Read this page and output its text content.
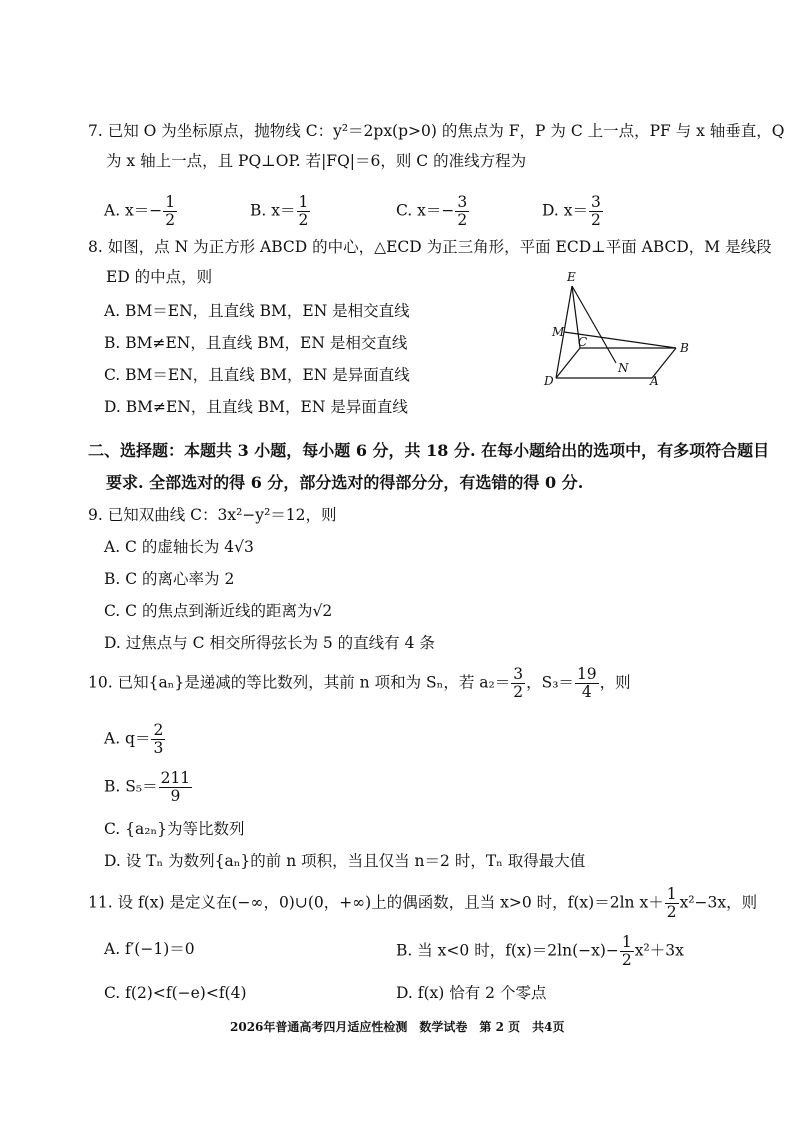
7. 已知 O 为坐标原点，抛物线 C：y²＝2px(p>0) 的焦点为 F，P 为 C 上一点，PF 与 x 轴垂直，Q
为 x 轴上一点，且 PQ⊥OP. 若|FQ|＝6，则 C 的准线方程为
A. $x=- \frac{1}{2}$	B. $x= \frac{1}{2}$	C. $x=- \frac{3}{2}$	D. $x= \frac{3}{2}$
8. 如图，点 N 为正方形 ABCD 的中心，△ECD 为正三角形，平面 ECD⊥平面 ABCD，M 是线段
ED 的中点，则
A. BM＝EN，且直线 BM，EN 是相交直线
B. BM≠EN，且直线 BM，EN 是相交直线
C. BM＝EN，且直线 BM，EN 是异面直线
D. BM≠EN，且直线 BM，EN 是异面直线
E
M
C
N
B
D	A
二、选择题：本题共 3 小题，每小题 6 分，共 18 分. 在每小题给出的选项中，有多项符合题目
要求. 全部选对的得 6 分，部分选对的得部分分，有选错的得 0 分.
9. 已知双曲线 C：3x²−y²＝12，则
A. C 的虚轴长为 4√3
B. C 的离心率为 2
C. C 的焦点到渐近线的距离为√2
D. 过焦点与 C 相交所得弦长为 5 的直线有 4 条
10. 已知{aₙ}是递减的等比数列，其前 n 项和为 Sₙ，若 $a_2= \frac{3}{2}$ ，$S_3= \frac{19}{4}$ ，则
A. $q= \frac{2}{3}$
B. $S_5= \frac{211}{9}$
C. {a₂ₙ}为等比数列
D. 设 Tₙ 为数列{aₙ}的前 n 项积，当且仅当 n＝2 时，Tₙ 取得最大值
11. 设 f(x) 是定义在(−∞，0)∪(0，+∞)上的偶函数，且当 x>0 时，f(x)＝2ln $x+ \frac{1}{2} x^2-3x$，则
A. f′(−1)＝0	B. 当 x<0 时，$f(x)=2\ln(-x)- \frac{1}{2} x^2+3x$
C. f(2)<f(−e)<f(4)	D. f(x) 恰有 2 个零点
2026年普通高考四月适应性检测　数学试卷　第 2 页　共4页
